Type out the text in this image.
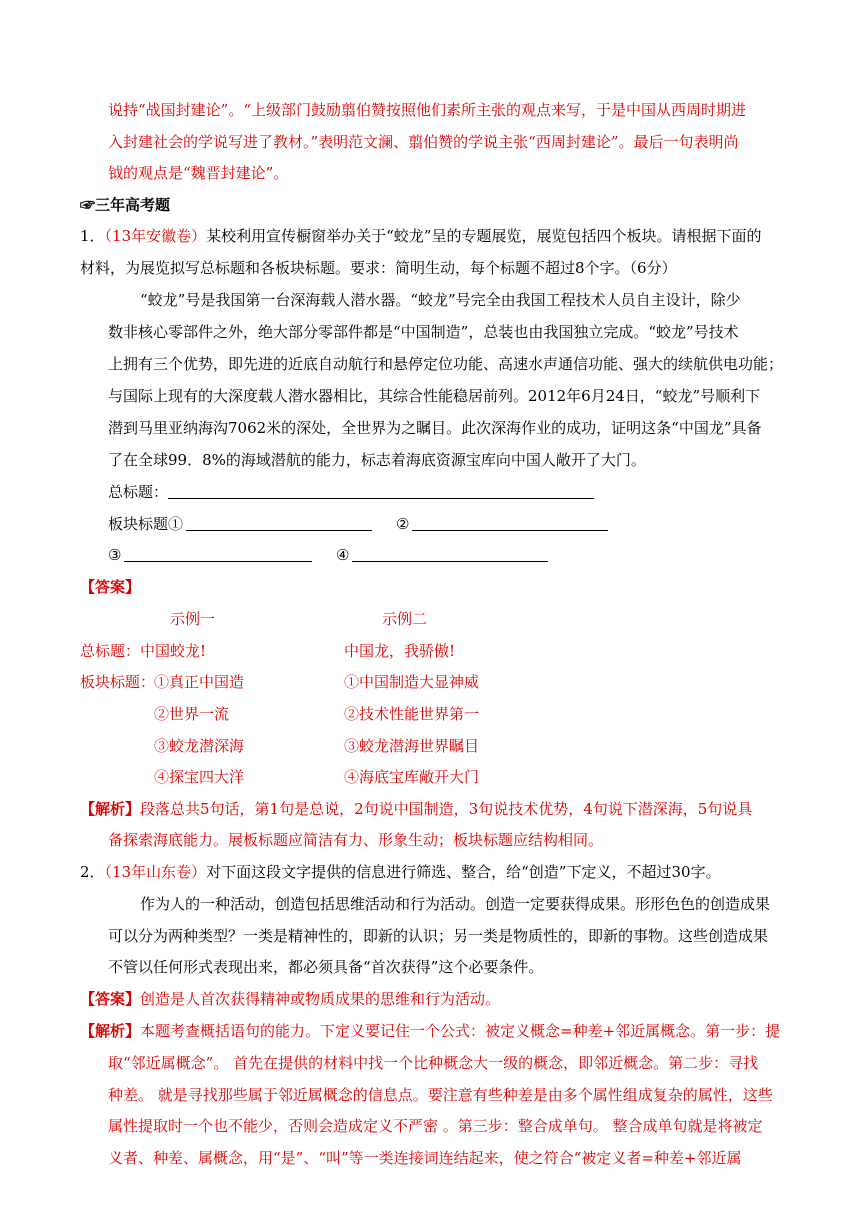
说持“战国封建论”。“上级部门鼓励翦伯赞按照他们素所主张的观点来写，于是中国从西周时期进
入封建社会的学说写进了教材。”表明范文澜、翦伯赞的学说主张“西周封建论”。最后一句表明尚
钺的观点是“魏晋封建论”。
☞三年高考题
1．（13年安徽卷）某校利用宣传橱窗举办关于“蛟龙”呈的专题展览，展览包括四个板块。请根据下面的
材料，为展览拟写总标题和各板块标题。要求：简明生动，每个标题不超过8个字。（6分）
“蛟龙”号是我国第一台深海载人潜水器。“蛟龙”号完全由我国工程技术人员自主设计，除少
数非核心零部件之外，绝大部分零部件都是“中国制造”，总装也由我国独立完成。“蛟龙”号技术
上拥有三个优势，即先进的近底自动航行和悬停定位功能、高速水声通信功能、强大的续航供电功能；
与国际上现有的大深度载人潜水器相比，其综合性能稳居前列。2012年6月24日，“蛟龙”号顺利下
潜到马里亚纳海沟7062米的深处，全世界为之瞩目。此次深海作业的成功，证明这条“中国龙”具备
了在全球99．8%的海域潜航的能力，标志着海底资源宝库向中国人敞开了大门。
总标题：
板块标题①	②
③	④
【答案】
示例一	示例二
总标题： 中国蛟龙!	中国龙，我骄傲!
板块标题：
①真正中国造	①中国制造大显神威
②世界一流	②技术性能世界第一
③蛟龙潜深海	③蛟龙潜海世界瞩目
④探宝四大洋	④海底宝库敞开大门
【解析】段落总共5句话，第1句是总说，2句说中国制造，3句说技术优势，4句说下潜深海，5句说具
备探索海底能力。展板标题应简洁有力、形象生动；板块标题应结构相同。
2．（13年山东卷）对下面这段文字提供的信息进行筛选、整合，给“创造”下定义，不超过30字。
作为人的一种活动，创造包括思维活动和行为活动。创造一定要获得成果。形形色色的创造成果
可以分为两种类型？一类是精神性的，即新的认识；另一类是物质性的，即新的事物。这些创造成果
不管以任何形式表现出来，都必须具备“首次获得”这个必要条件。
【答案】创造是人首次获得精神或物质成果的思维和行为活动。
【解析】本题考查概括语句的能力。下定义要记住一个公式：被定义概念=种差+邻近属概念。第一步：提
取“邻近属概念”。 首先在提供的材料中找一个比种概念大一级的概念，即邻近概念。第二步：寻找
种差。 就是寻找那些属于邻近属概念的信息点。要注意有些种差是由多个属性组成复杂的属性，这些
属性提取时一个也不能少，否则会造成定义不严密 。第三步：整合成单句。 整合成单句就是将被定
义者、种差、属概念，用“是”、“叫”等一类连接词连结起来，使之符合“被定义者=种差+邻近属
